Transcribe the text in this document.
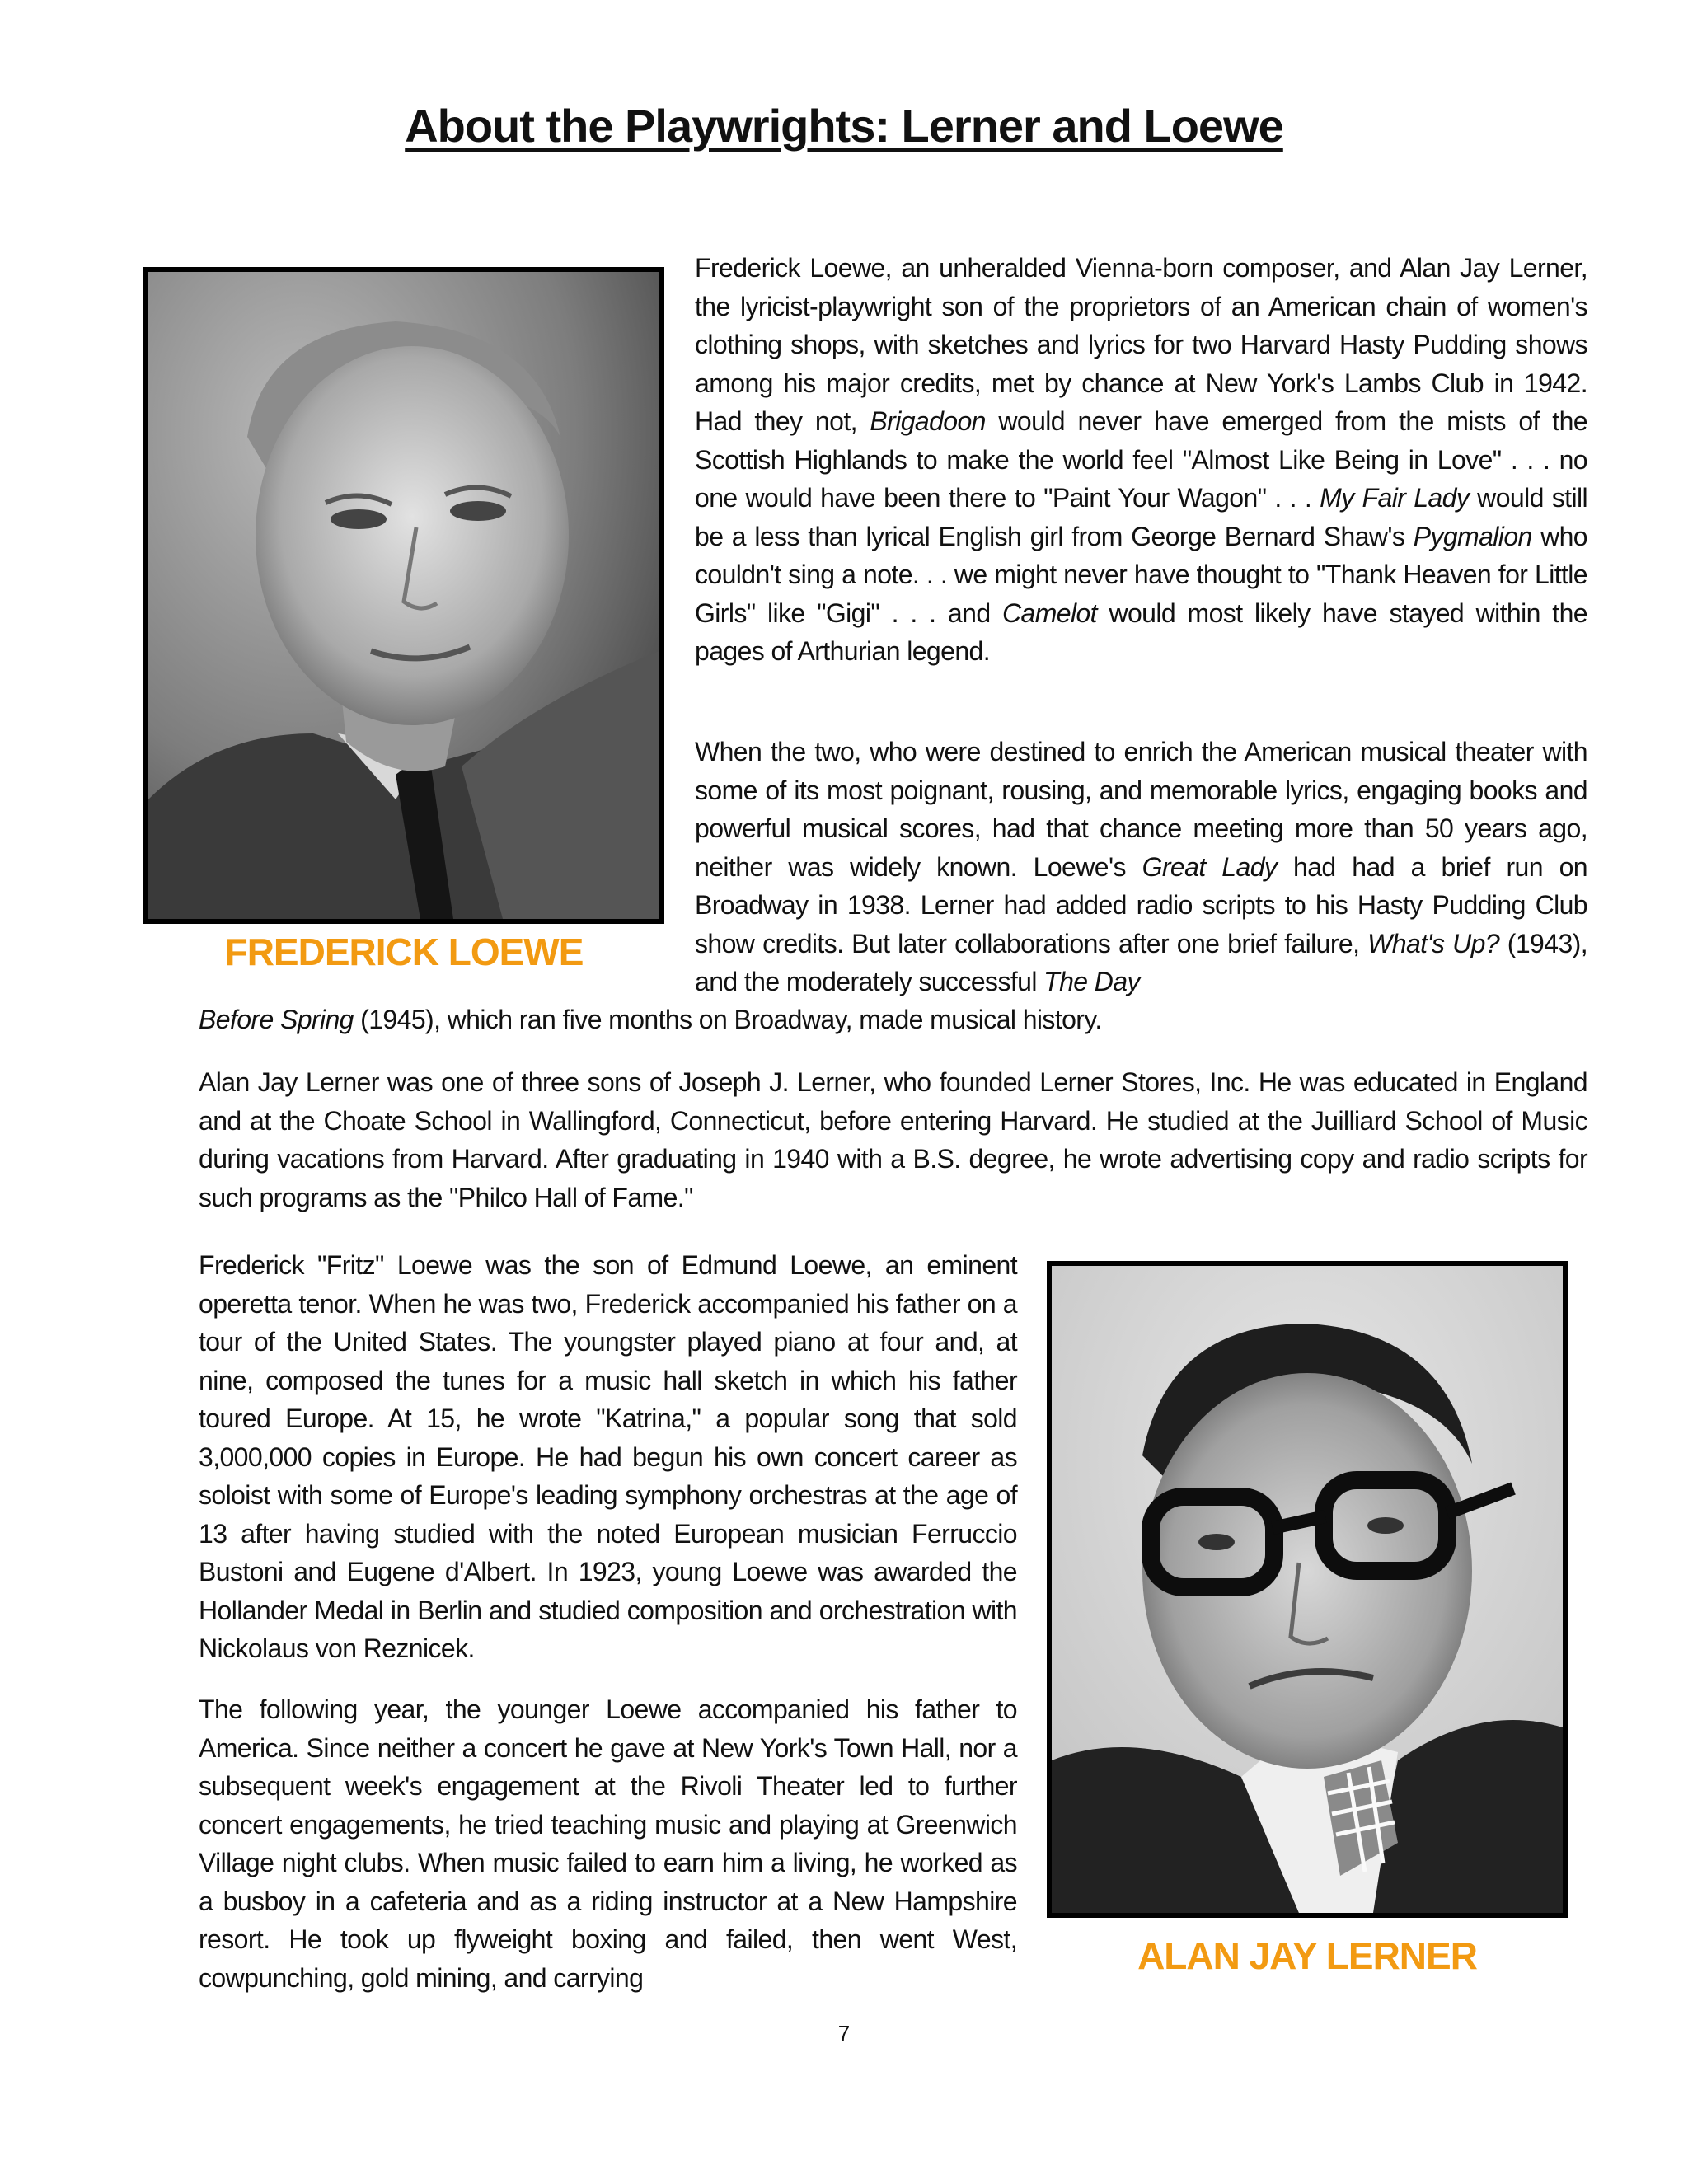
About the Playwrights: Lerner and Loewe
FREDERICK LOEWE

Frederick Loewe, an unheralded Vienna-born composer, and Alan Jay Lerner, the lyricist-playwright son of the proprietors of an American chain of women's clothing shops, with sketches and lyrics for two Harvard Hasty Pudding shows among his major credits, met by chance at New York's Lambs Club in 1942. Had they not, Brigadoon would never have emerged from the mists of the Scottish Highlands to make the world feel "Almost Like Being in Love" . . . no one would have been there to "Paint Your Wagon" . . . My Fair Lady would still be a less than lyrical English girl from George Bernard Shaw's Pygmalion who couldn't sing a note. . . we might never have thought to "Thank Heaven for Little Girls" like "Gigi" . . . and Camelot would most likely have stayed within the pages of Arthurian legend.

When the two, who were destined to enrich the American musical theater with some of its most poignant, rousing, and memorable lyrics, engaging books and powerful musical scores, had that chance meeting more than 50 years ago, neither was widely known. Loewe's Great Lady had had a brief run on Broadway in 1938. Lerner had added radio scripts to his Hasty Pudding Club show credits. But later collaborations after one brief failure, What's Up? (1943), and the moderately successful The Day

Before Spring (1945), which ran five months on Broadway, made musical history.

Alan Jay Lerner was one of three sons of Joseph J. Lerner, who founded Lerner Stores, Inc. He was educated in England and at the Choate School in Wallingford, Connecticut, before entering Harvard. He studied at the Juilliard School of Music during vacations from Harvard. After graduating in 1940 with a B.S. degree, he wrote advertising copy and radio scripts for such programs as the "Philco Hall of Fame."

Frederick "Fritz" Loewe was the son of Edmund Loewe, an eminent operetta tenor. When he was two, Frederick accompanied his father on a tour of the United States. The youngster played piano at four and, at nine, composed the tunes for a music hall sketch in which his father toured Europe. At 15, he wrote "Katrina," a popular song that sold 3,000,000 copies in Europe. He had begun his own concert career as soloist with some of Europe's leading symphony orchestras at the age of 13 after having studied with the noted European musician Ferruccio Bustoni and Eugene d'Albert. In 1923, young Loewe was awarded the Hollander Medal in Berlin and studied composition and orchestration with Nickolaus von Reznicek.

The following year, the younger Loewe accompanied his father to America. Since neither a concert he gave at New York's Town Hall, nor a subsequent week's engagement at the Rivoli Theater led to further concert engagements, he tried teaching music and playing at Greenwich Village night clubs. When music failed to earn him a living, he worked as a busboy in a cafeteria and as a riding instructor at a New Hampshire resort. He took up flyweight boxing and failed, then went West, cowpunching, gold mining, and carrying

ALAN JAY LERNER
7
